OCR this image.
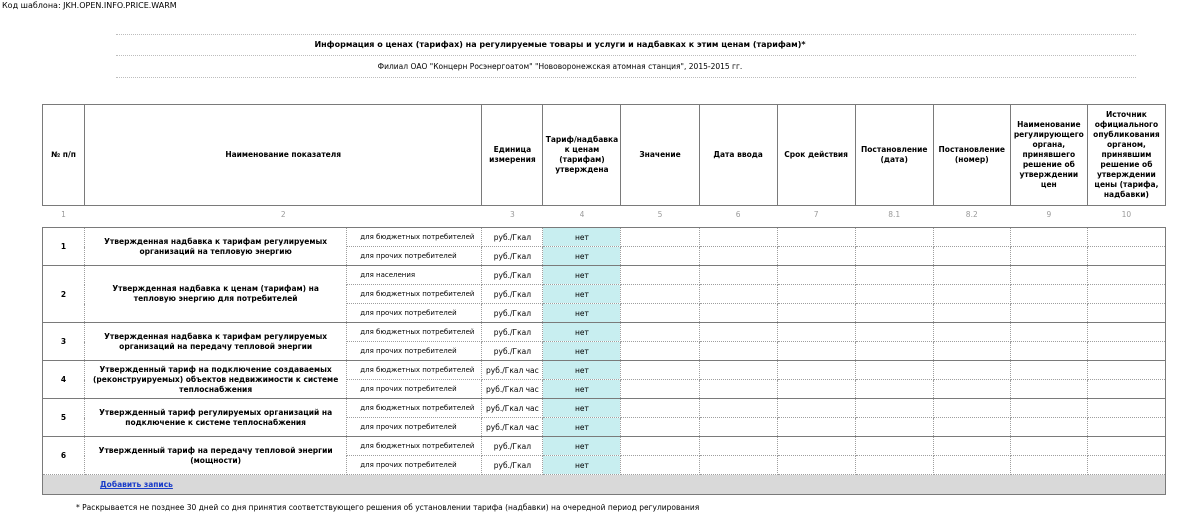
Код шаблона: JKH.OPEN.INFO.PRICE.WARM
Информация о ценах (тарифах) на регулируемые товары и услуги и надбавках к этим ценам (тарифам)*
Филиал ОАО "Концерн Росэнергоатом" "Нововоронежская атомная станция", 2015-2015 гг.
№ п/п	Наименование показателя		Единица измерения	Тариф/надбавка к ценам (тарифам) утверждена	Значение	Дата ввода	Срок действия	Постановление (дата)	Постановление (номер)	Наименование регулирующего органа, принявшего решение об утверждении цен	Источник официального опубликования органом, принявшим решение об утверждении цены (тарифа, надбавки)
1	2		3	4	5	6	7	8.1	8.2	9	10

1	Утвержденная надбавка к тарифам регулируемых организаций на тепловую энергию	для бюджетных потребителей	руб./Гкал	нет							
		для прочих потребителей	руб./Гкал	нет							
2	Утвержденная надбавка к ценам (тарифам) на тепловую энергию для потребителей	для населения	руб./Гкал	нет							
		для бюджетных потребителей	руб./Гкал	нет							
		для прочих потребителей	руб./Гкал	нет							
3	Утвержденная надбавка к тарифам регулируемых организаций на передачу тепловой энергии	для бюджетных потребителей	руб./Гкал	нет							
		для прочих потребителей	руб./Гкал	нет							
4	Утвержденный тариф на подключение создаваемых (реконструируемых) объектов недвижимости к системе теплоснабжения	для бюджетных потребителей	руб./Гкал час	нет							
		для прочих потребителей	руб./Гкал час	нет							
5	Утвержденный тариф регулируемых организаций на подключение к системе теплоснабжения	для бюджетных потребителей	руб./Гкал час	нет							
		для прочих потребителей	руб./Гкал час	нет							
6	Утвержденный тариф на передачу тепловой энергии (мощности)	для бюджетных потребителей	руб./Гкал	нет							
		для прочих потребителей	руб./Гкал	нет							
Добавить запись											
* Раскрывается не позднее 30 дней со дня принятия соответствующего решения об установлении тарифа (надбавки) на очередной период регулирования
